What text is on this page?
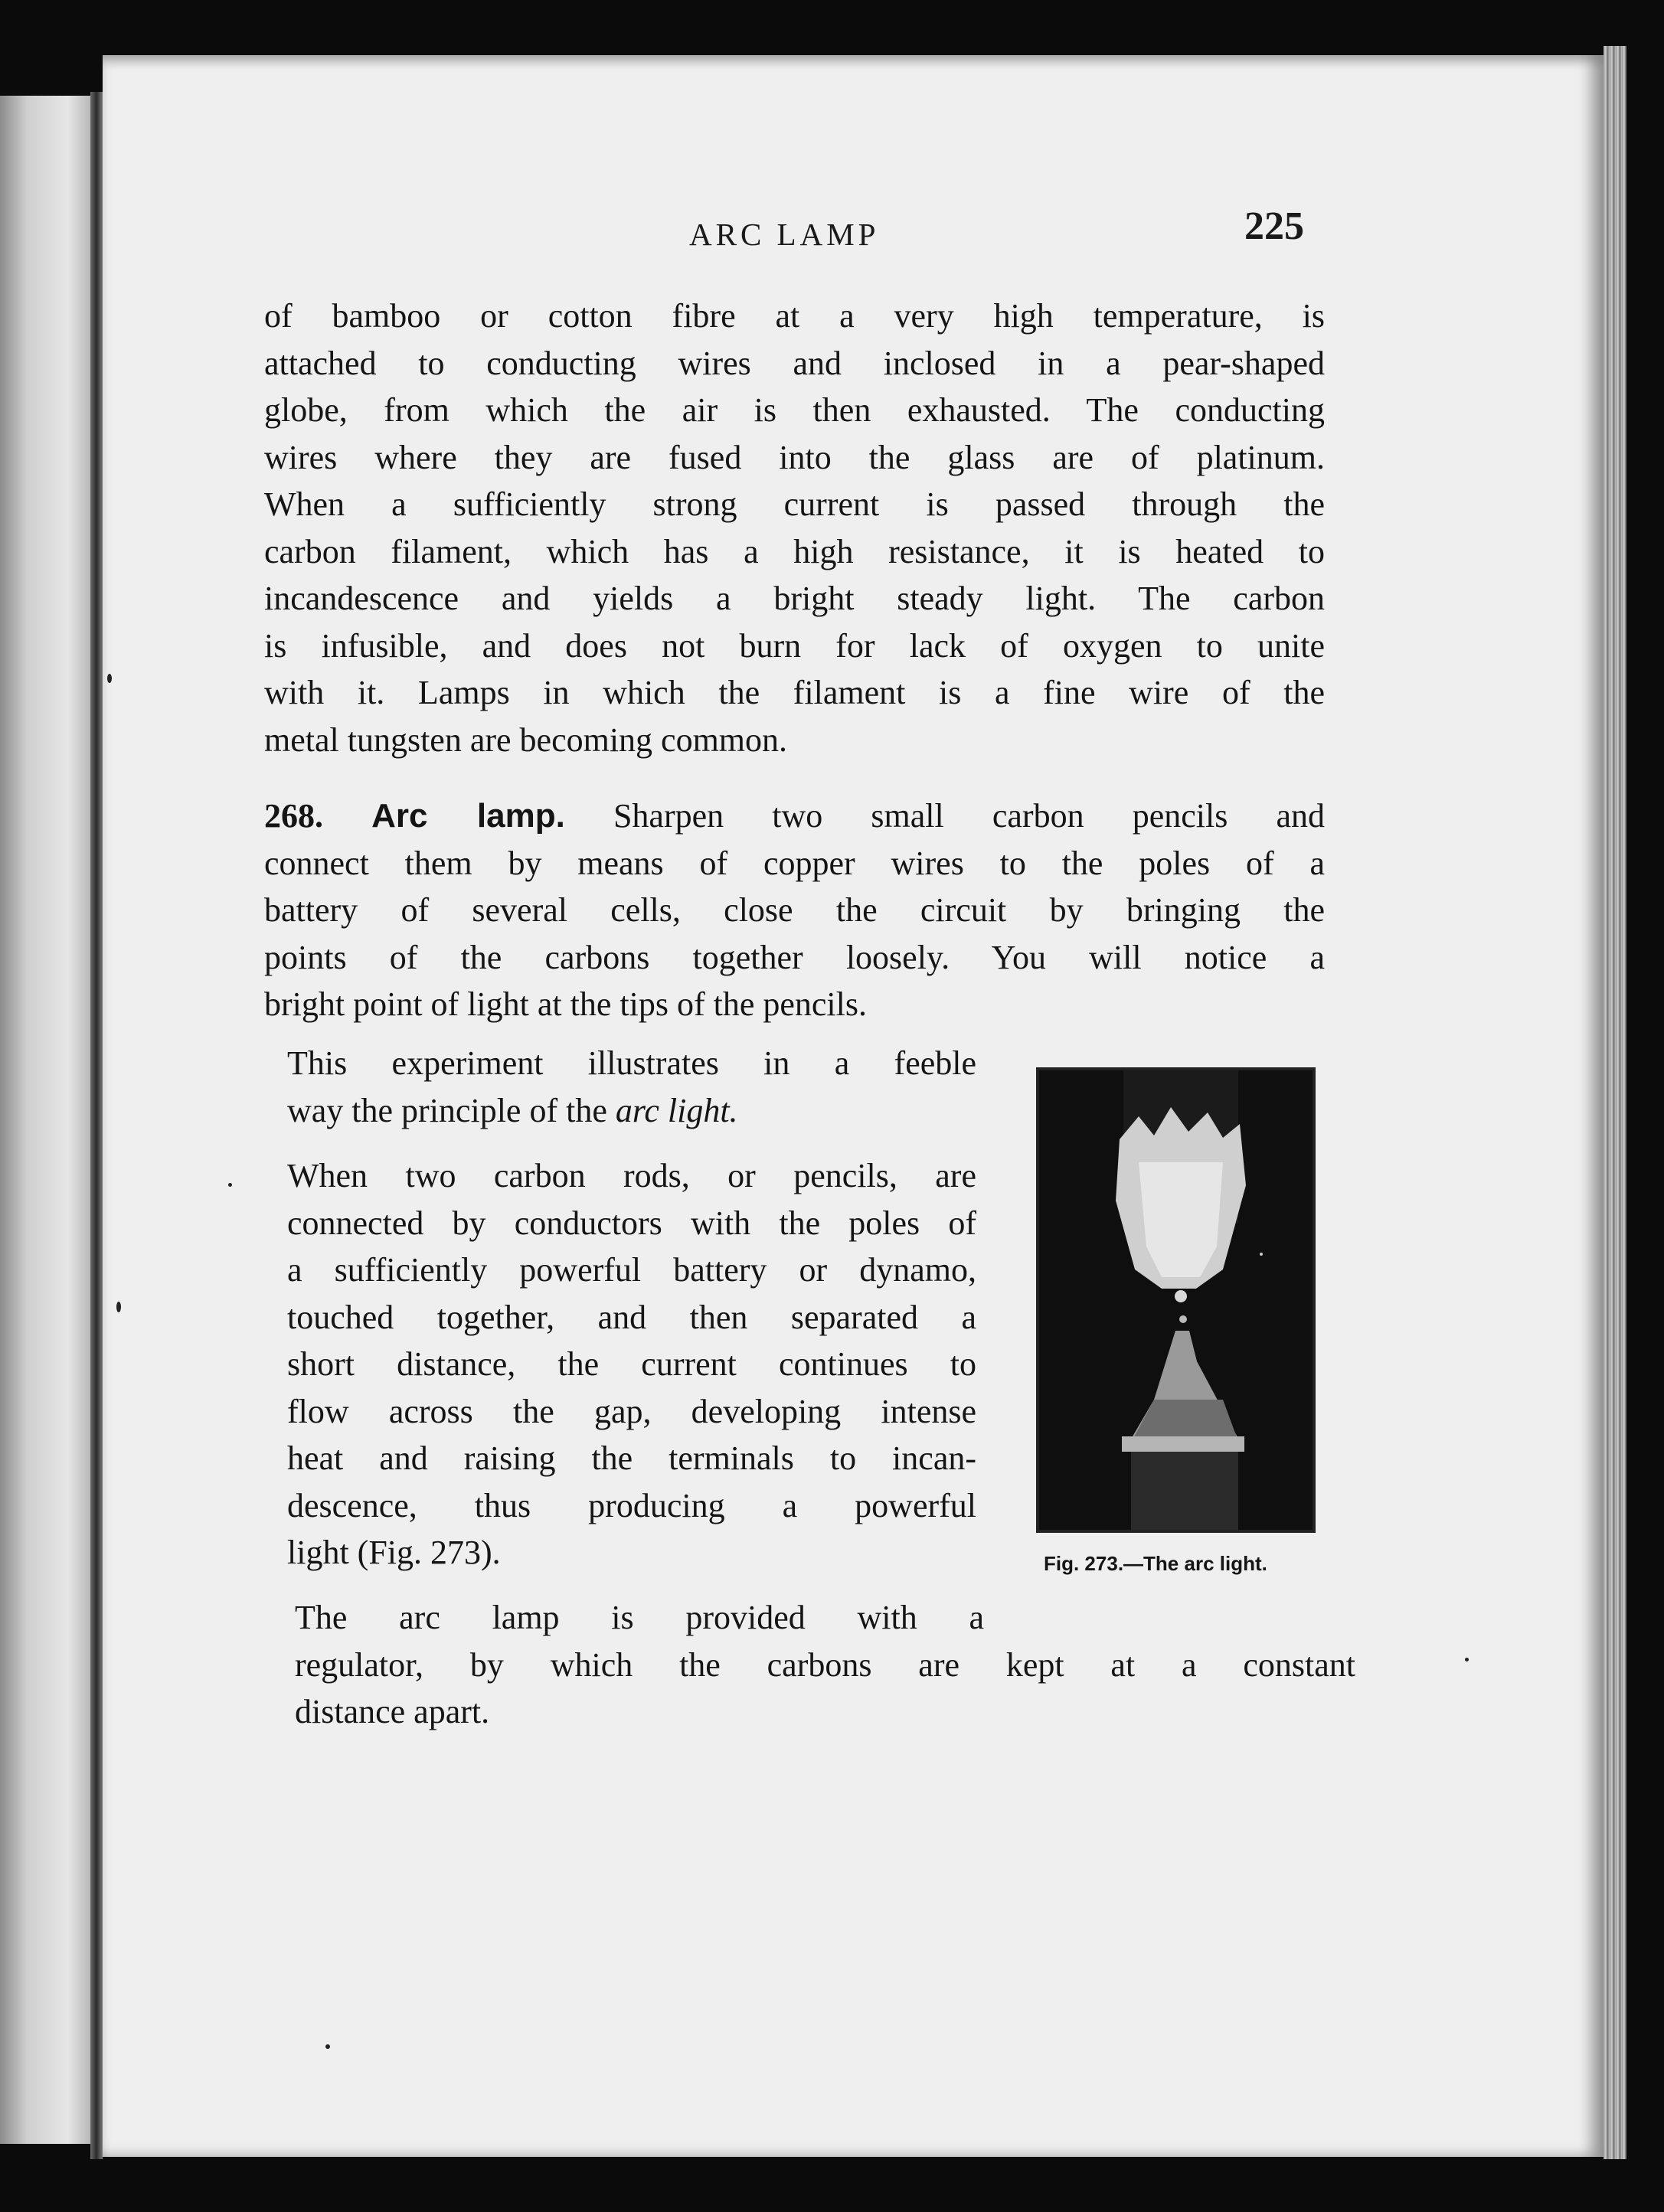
ARC LAMP	225

of bamboo or cotton fibre at a very high temperature, is
attached to conducting wires and inclosed in a pear-shaped
globe, from which the air is then exhausted. The conducting
wires where they are fused into the glass are of platinum.
When a sufficiently strong current is passed through the
carbon filament, which has a high resistance, it is heated to
incandescence and yields a bright steady light. The carbon
is infusible, and does not burn for lack of oxygen to unite
with it. Lamps in which the filament is a fine wire of the
metal tungsten are becoming common.

268. Arc lamp. Sharpen two small carbon pencils and
connect them by means of copper wires to the poles of a
battery of several cells, close the circuit by bringing the
points of the carbons together loosely. You will notice a
bright point of light at the tips of the pencils.

This experiment illustrates in a feeble
way the principle of the arc light.

When two carbon rods, or pencils, are
connected by conductors with the poles of
a sufficiently powerful battery or dynamo,
touched together, and then separated a
short distance, the current continues to
flow across the gap, developing intense
heat and raising the terminals to incan-
descence, thus producing a powerful
light (Fig. 273).

The arc lamp is provided with a
regulator, by which the carbons are kept at a constant
distance apart.

Fig. 273.—The arc light.
